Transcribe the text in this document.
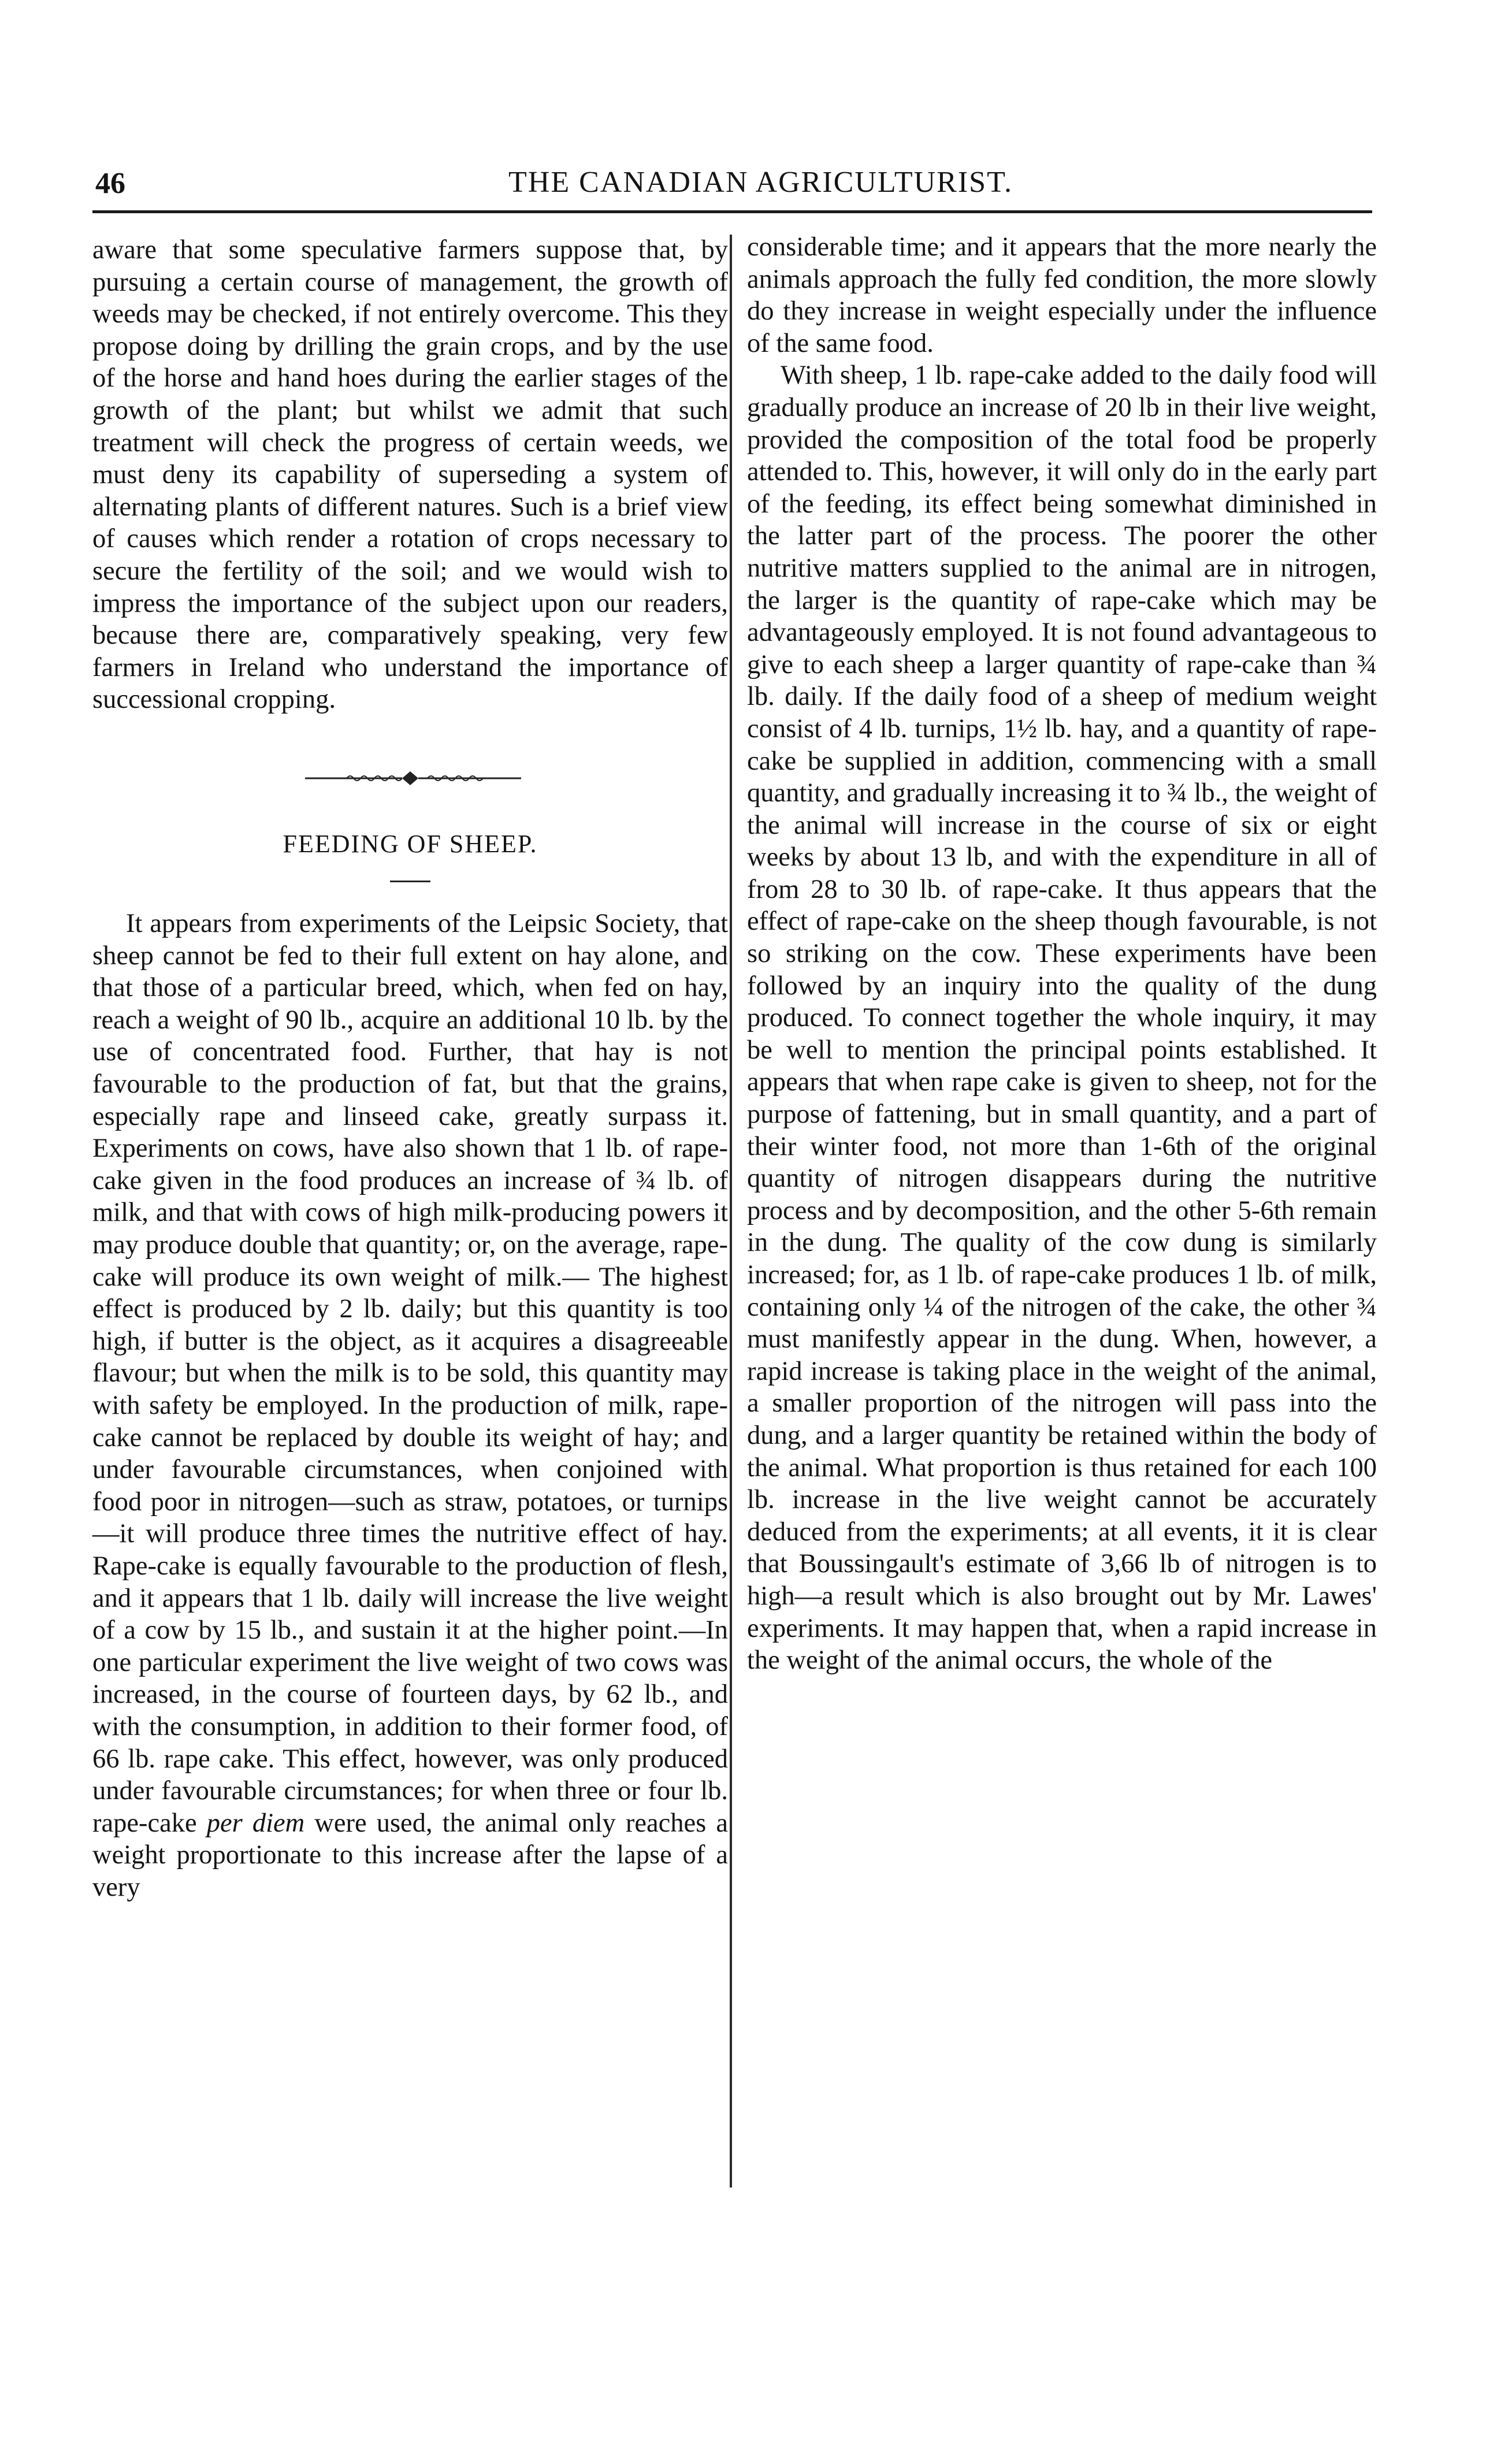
46	THE CANADIAN AGRICULTURIST.

aware that some speculative farmers suppose that, by pursuing a certain course of management, the growth of weeds may be checked, if not entirely overcome. This they propose doing by drilling the grain crops, and by the use of the horse and hand hoes during the earlier stages of the growth of the plant; but whilst we admit that such treatment will check the progress of certain weeds, we must deny its capability of superseding a system of alternating plants of different natures. Such is a brief view of causes which render a rotation of crops necessary to secure the fertility of the soil; and we would wish to impress the importance of the subject upon our readers, because there are, comparatively speaking, very few farmers in Ireland who understand the importance of successional cropping.

FEEDING OF SHEEP.

It appears from experiments of the Leipsic Society, that sheep cannot be fed to their full extent on hay alone, and that those of a particular breed, which, when fed on hay, reach a weight of 90 lb., acquire an additional 10 lb. by the use of concentrated food. Further, that hay is not favourable to the production of fat, but that the grains, especially rape and linseed cake, greatly surpass it. Experiments on cows, have also shown that 1 lb. of rape-cake given in the food produces an increase of ¾ lb. of milk, and that with cows of high milk-producing powers it may produce double that quantity; or, on the average, rape-cake will produce its own weight of milk.— The highest effect is produced by 2 lb. daily; but this quantity is too high, if butter is the object, as it acquires a disagreeable flavour; but when the milk is to be sold, this quantity may with safety be employed. In the production of milk, rape-cake cannot be replaced by double its weight of hay; and under favourable circumstances, when conjoined with food poor in nitrogen—such as straw, potatoes, or turnips—it will produce three times the nutritive effect of hay. Rape-cake is equally favourable to the production of flesh, and it appears that 1 lb. daily will increase the live weight of a cow by 15 lb., and sustain it at the higher point.—In one particular experiment the live weight of two cows was increased, in the course of fourteen days, by 62 lb., and with the consumption, in addition to their former food, of 66 lb. rape cake. This effect, however, was only produced under favourable circumstances; for when three or four lb. rape-cake per diem were used, the animal only reaches a weight proportionate to this increase after the lapse of a very

considerable time; and it appears that the more nearly the animals approach the fully fed condition, the more slowly do they increase in weight especially under the influence of the same food.

With sheep, 1 lb. rape-cake added to the daily food will gradually produce an increase of 20 lb in their live weight, provided the composition of the total food be properly attended to. This, however, it will only do in the early part of the feeding, its effect being somewhat diminished in the latter part of the process. The poorer the other nutritive matters supplied to the animal are in nitrogen, the larger is the quantity of rape-cake which may be advantageously employed. It is not found advantageous to give to each sheep a larger quantity of rape-cake than ¾ lb. daily. If the daily food of a sheep of medium weight consist of 4 lb. turnips, 1½ lb. hay, and a quantity of rape-cake be supplied in addition, commencing with a small quantity, and gradually increasing it to ¾ lb., the weight of the animal will increase in the course of six or eight weeks by about 13 lb, and with the expenditure in all of from 28 to 30 lb. of rape-cake. It thus appears that the effect of rape-cake on the sheep though favourable, is not so striking on the cow. These experiments have been followed by an inquiry into the quality of the dung produced. To connect together the whole inquiry, it may be well to mention the principal points established. It appears that when rape cake is given to sheep, not for the purpose of fattening, but in small quantity, and a part of their winter food, not more than 1-6th of the original quantity of nitrogen disappears during the nutritive process and by decomposition, and the other 5-6th remain in the dung. The quality of the cow dung is similarly increased; for, as 1 lb. of rape-cake produces 1 lb. of milk, containing only ¼ of the nitrogen of the cake, the other ¾ must manifestly appear in the dung. When, however, a rapid increase is taking place in the weight of the animal, a smaller proportion of the nitrogen will pass into the dung, and a larger quantity be retained within the body of the animal. What proportion is thus retained for each 100 lb. increase in the live weight cannot be accurately deduced from the experiments; at all events, it it is clear that Boussingault's estimate of 3,66 lb of nitrogen is to high—a result which is also brought out by Mr. Lawes' experiments. It may happen that, when a rapid increase in the weight of the animal occurs, the whole of the
